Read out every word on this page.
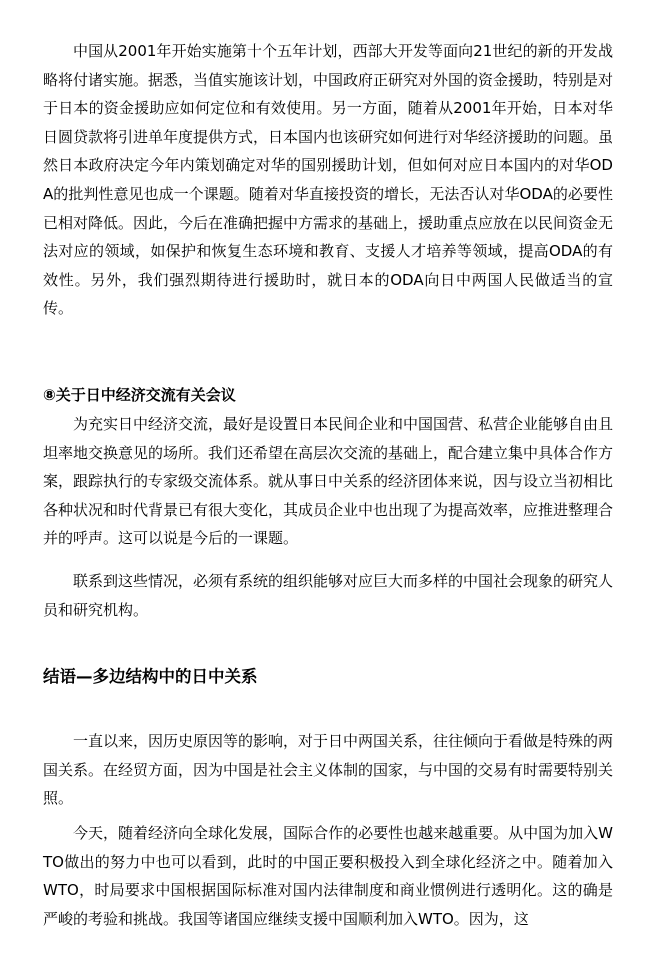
中国从2001年开始实施第十个五年计划，西部大开发等面向21世纪的新的开发战略将付诸实施。据悉，当值实施该计划，中国政府正研究对外国的资金援助，特别是对于日本的资金援助应如何定位和有效使用。另一方面，随着从2001年开始，日本对华日圆贷款将引进单年度提供方式，日本国内也该研究如何进行对华经济援助的问题。虽然日本政府决定今年内策划确定对华的国别援助计划，但如何对应日本国内的对华ODA的批判性意见也成一个课题。随着对华直接投资的增长，无法否认对华ODA的必要性已相对降低。因此，今后在准确把握中方需求的基础上，援助重点应放在以民间资金无法对应的领域，如保护和恢复生态环境和教育、支援人才培养等领域，提高ODA的有效性。另外，我们强烈期待进行援助时，就日本的ODA向日中两国人民做适当的宣传。

⑧关于日中经济交流有关会议

为充实日中经济交流，最好是设置日本民间企业和中国国营、私营企业能够自由且坦率地交换意见的场所。我们还希望在高层次交流的基础上，配合建立集中具体合作方案，跟踪执行的专家级交流体系。就从事日中关系的经济团体来说，因与设立当初相比各种状况和时代背景已有很大变化，其成员企业中也出现了为提高效率，应推进整理合并的呼声。这可以说是今后的一课题。

联系到这些情况，必须有系统的组织能够对应巨大而多样的中国社会现象的研究人员和研究机构。

结语—多边结构中的日中关系

一直以来，因历史原因等的影响，对于日中两国关系，往往倾向于看做是特殊的两国关系。在经贸方面，因为中国是社会主义体制的国家，与中国的交易有时需要特别关照。

今天，随着经济向全球化发展，国际合作的必要性也越来越重要。从中国为加入WTO做出的努力中也可以看到，此时的中国正要积极投入到全球化经济之中。随着加入WTO，时局要求中国根据国际标准对国内法律制度和商业惯例进行透明化。这的确是严峻的考验和挑战。我国等诸国应继续支援中国顺利加入WTO。因为，这
